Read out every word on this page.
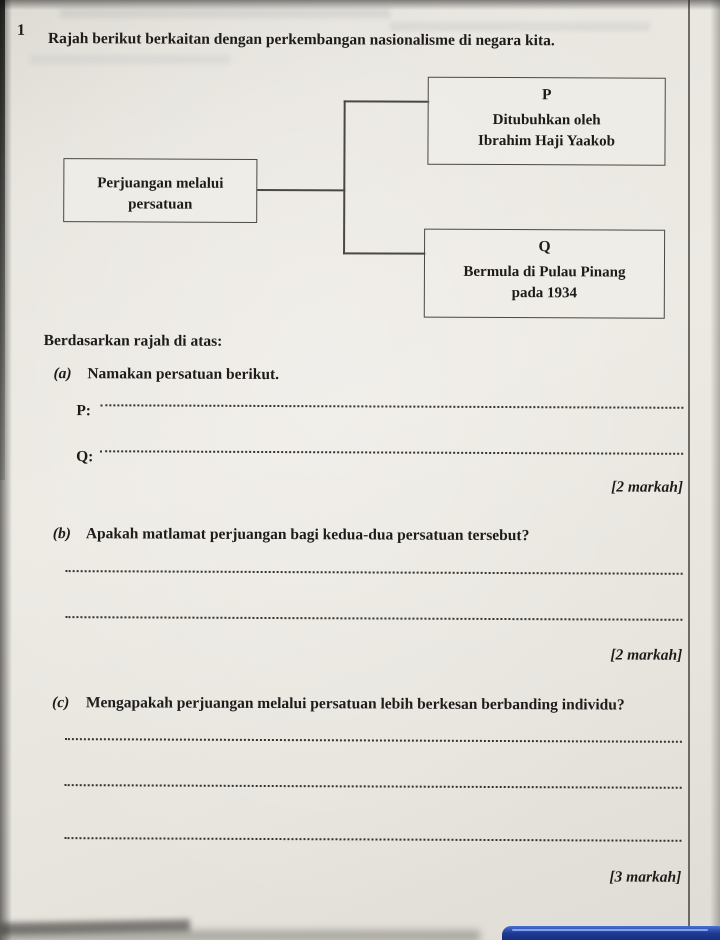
1 Rajah berikut berkaitan dengan perkembangan nasionalisme di negara kita.
Perjuangan melalui
persatuan
P
Ditubuhkan oleh
Ibrahim Haji Yaakob
Q
Bermula di Pulau Pinang
pada 1934
Berdasarkan rajah di atas:
(a) Namakan persatuan berikut.
P:
Q:
[2 markah]
(b) Apakah matlamat perjuangan bagi kedua-dua persatuan tersebut?
[2 markah]
(c) Mengapakah perjuangan melalui persatuan lebih berkesan berbanding individu?
[3 markah]
